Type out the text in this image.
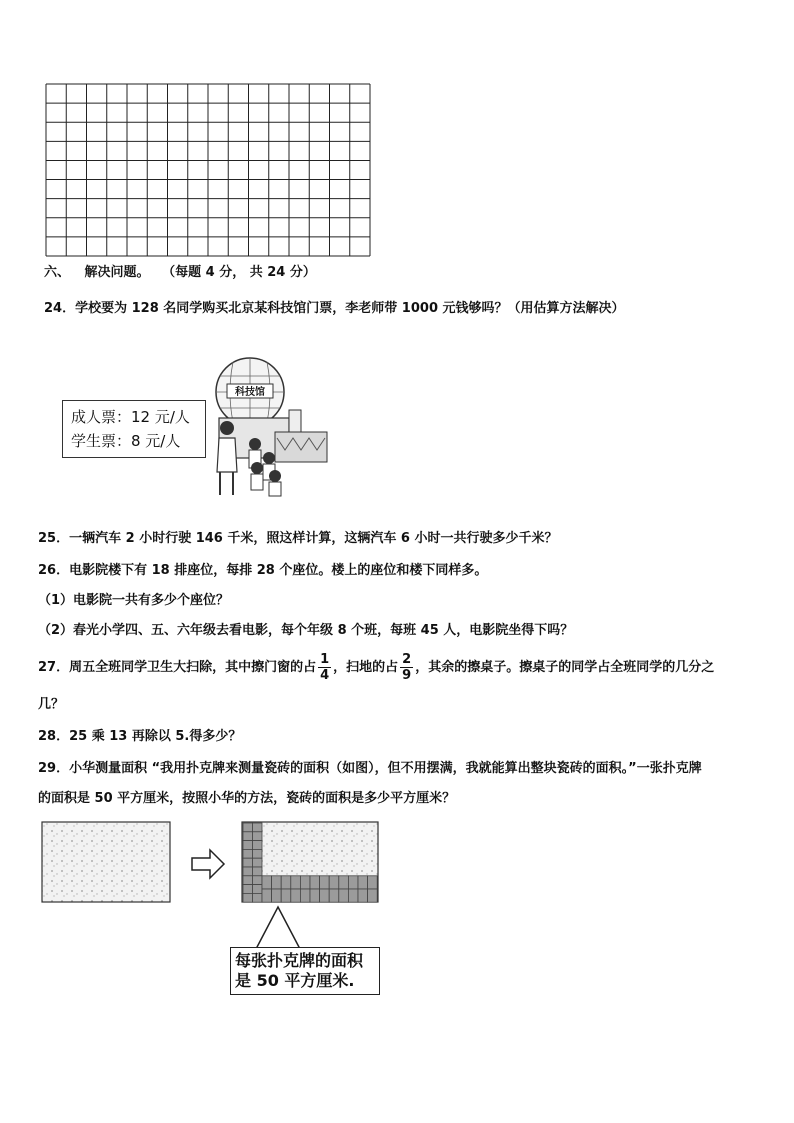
六、 解决问题。 （每题 4 分， 共 24 分）
24．学校要为 128 名同学购买北京某科技馆门票，李老师带 1000 元钱够吗？（用估算方法解决）
科技馆
成人票：12 元/人
学生票：8 元/人
25．一辆汽车 2 小时行驶 146 千米，照这样计算，这辆汽车 6 小时一共行驶多少千米？
26．电影院楼下有 18 排座位，每排 28 个座位。楼上的座位和楼下同样多。
（1）电影院一共有多少个座位？
（2）春光小学四、五、六年级去看电影，每个年级 8 个班，每班 45 人，电影院坐得下吗？
27．周五全班同学卫生大扫除，其中擦门窗的占 $\frac{1}{4}$ ，扫地的占 $\frac{2}{9}$ ，其余的擦桌子。擦桌子的同学占全班同学的几分之
几？
28．25 乘 13 再除以 5.得多少？
29．小华测量面积 “我用扑克牌来测量瓷砖的面积（如图），但不用摆满，我就能算出整块瓷砖的面积。”一张扑克牌
的面积是 50 平方厘米，按照小华的方法，瓷砖的面积是多少平方厘米？
每张扑克牌的面积
是 50 平方厘米.
